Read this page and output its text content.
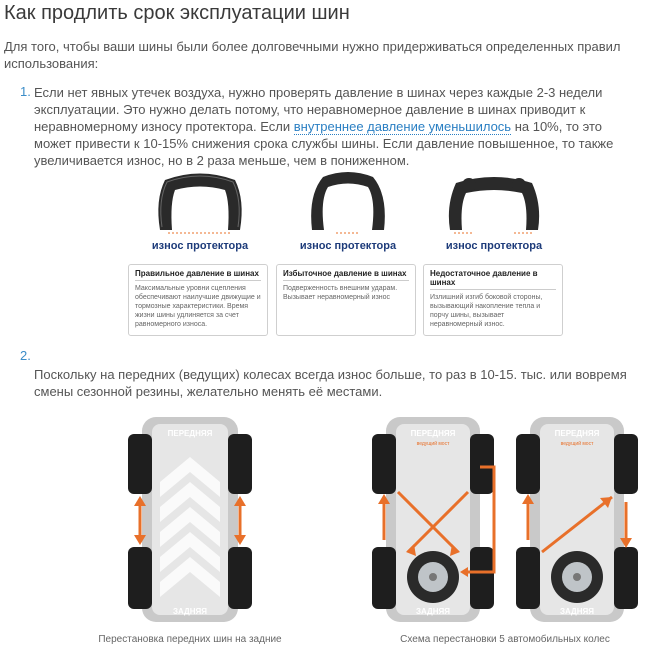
Как продлить срок эксплуатации шин
Для того, чтобы ваши шины были более долговечными нужно придерживаться определенных правил использования:
1. Если нет явных утечек воздуха, нужно проверять давление в шинах через каждые 2-3 недели эксплуатации. Это нужно делать потому, что неравномерное давление в шинах приводит к неравномерному износу протектора. Если внутреннее давление уменьшилось на 10%, то это может привести к 10-15% снижения срока службы шины. Если давление повышенное, то также увеличивается износ, но в 2 раза меньше, чем в пониженном.
износ протектора	износ протектора	износ протектора
Правильное давление в шинах
Максимальные уровни сцепления обеспечивают наилучшие движущие и тормозные характеристики. Время жизни шины удлиняется за счет равномерного износа.
Избыточное давление в шинах
Подверженность внешним ударам. Вызывает неравномерный износ
Недостаточное давление в шинах
Излишний изгиб боковой стороны, вызывающий накопление тепла и порчу шины, вызывает неравномерный износ.
2.
Поскольку на передних (ведущих) колесах всегда износ больше, то раз в 10-15. тыс. или вовремя смены сезонной резины, желательно менять её местами.
ПЕРЕДНЯЯ
ЗАДНЯЯ
ПЕРЕДНЯЯ
ведущий мост
ЗАДНЯЯ
ПЕРЕДНЯЯ
ведущий мост
ЗАДНЯЯ
Перестановка передних шин на задние	Схема перестановки 5 автомобильных колес
